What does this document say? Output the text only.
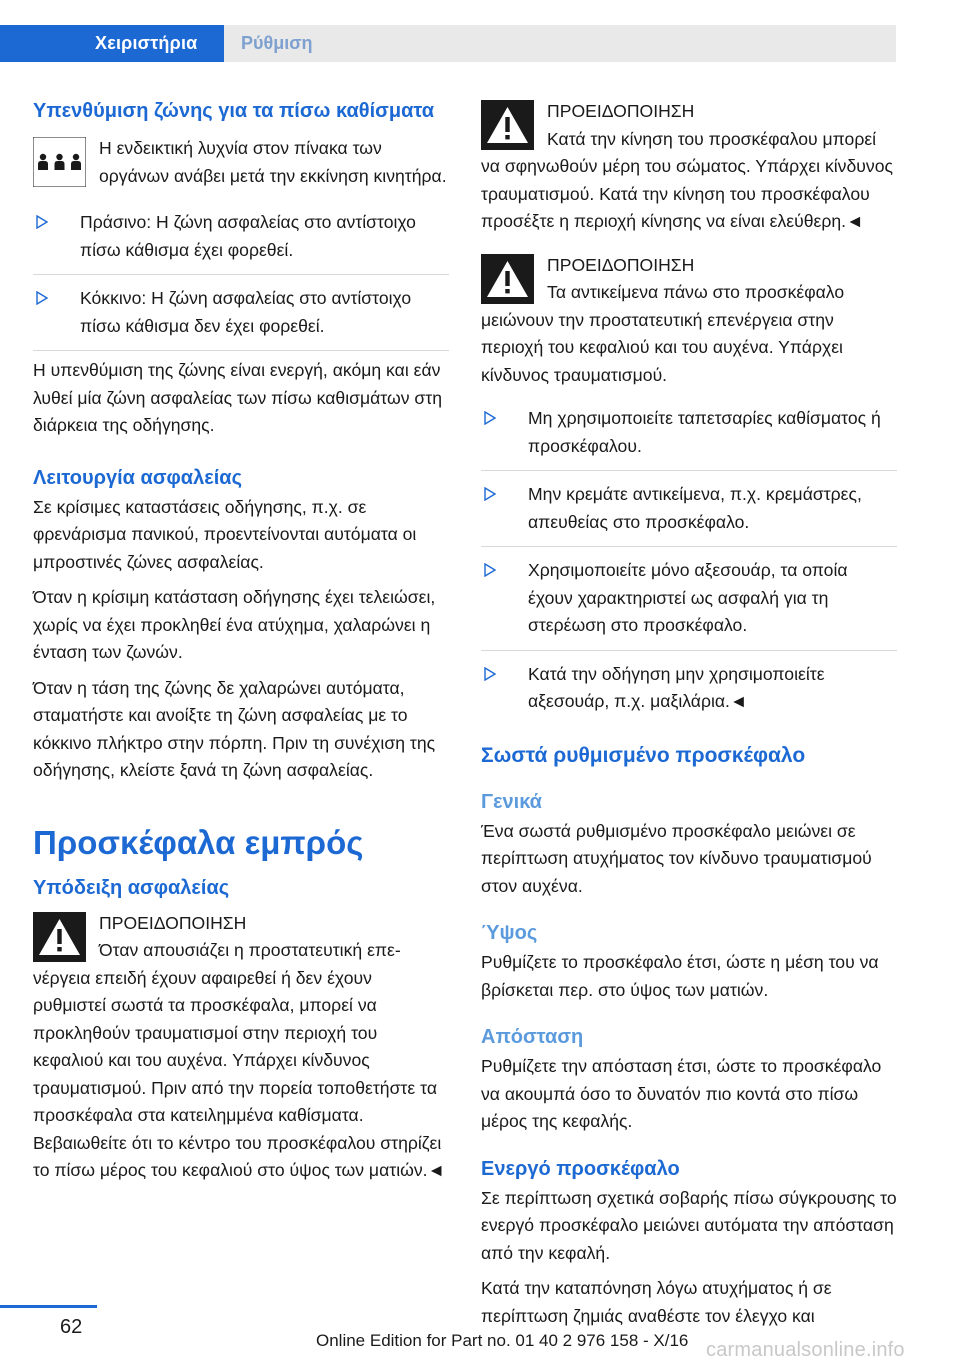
Χειριστήρια	Ρύθμιση
Υπενθύμιση ζώνης για τα πίσω καθίσματα
Η ενδεικτική λυχνία στον πίνακα των οργάνων ανάβει μετά την εκκίνηση κινητήρα.
Πράσινο: Η ζώνη ασφαλείας στο αντίστοιχο πίσω κάθισμα έχει φορεθεί.
Κόκκινο: Η ζώνη ασφαλείας στο αντίστοιχο πίσω κάθισμα δεν έχει φορεθεί.

Η υπενθύμιση της ζώνης είναι ενεργή, ακόμη και εάν λυθεί μία ζώνη ασφαλείας των πίσω καθισμάτων στη διάρκεια της οδήγησης.

Λειτουργία ασφαλείας

Σε κρίσιμες καταστάσεις οδήγησης, π.χ. σε φρενάρισμα πανικού, προεντείνονται αυτόματα οι μπροστινές ζώνες ασφαλείας.

Όταν η κρίσιμη κατάσταση οδήγησης έχει τελειώσει, χωρίς να έχει προκληθεί ένα ατύχημα, χαλαρώνει η ένταση των ζωνών.

Όταν η τάση της ζώνης δε χαλαρώνει αυτόματα, σταματήστε και ανοίξτε τη ζώνη ασφαλείας με το κόκκινο πλήκτρο στην πόρπη. Πριν τη συνέχιση της οδήγησης, κλείστε ξανά τη ζώνη ασφαλείας.

Προσκέφαλα εμπρός
Υπόδειξη ασφαλείας

ΠΡΟΕΙΔΟΠΟΙΗΣΗ

Όταν απουσιάζει η προστατευτική επενέργεια επειδή έχουν αφαιρεθεί ή δεν έχουν ρυθμιστεί σωστά τα προσκέφαλα, μπορεί να προκληθούν τραυματισμοί στην περιοχή του κεφαλιού και του αυχένα. Υπάρχει κίνδυνος τραυματισμού. Πριν από την πορεία τοποθετήστε τα προσκέφαλα στα κατειλημμένα καθίσματα. Βεβαιωθείτε ότι το κέντρο του προσκέφαλου στηρίζει το πίσω μέρος του κεφαλιού στο ύψος των ματιών.◄

ΠΡΟΕΙΔΟΠΟΙΗΣΗ

Κατά την κίνηση του προσκέφαλου μπορεί να σφηνωθούν μέρη του σώματος. Υπάρχει κίνδυνος τραυματισμού. Κατά την κίνηση του προσκέφαλου προσέξτε η περιοχή κίνησης να είναι ελεύθερη.◄

ΠΡΟΕΙΔΟΠΟΙΗΣΗ

Τα αντικείμενα πάνω στο προσκέφαλο μειώνουν την προστατευτική επενέργεια στην περιοχή του κεφαλιού και του αυχένα. Υπάρχει κίνδυνος τραυματισμού.

Μη χρησιμοποιείτε ταπετσαρίες καθίσματος ή προσκέφαλου.
Μην κρεμάτε αντικείμενα, π.χ. κρεμάστρες, απευθείας στο προσκέφαλο.
Χρησιμοποιείτε μόνο αξεσουάρ, τα οποία έχουν χαρακτηριστεί ως ασφαλή για τη στερέωση στο προσκέφαλο.
Κατά την οδήγηση μην χρησιμοποιείτε αξεσουάρ, π.χ. μαξιλάρια.◄
Σωστά ρυθμισμένο προσκέφαλο
Γενικά

Ένα σωστά ρυθμισμένο προσκέφαλο μειώνει σε περίπτωση ατυχήματος τον κίνδυνο τραυματισμού στον αυχένα.

Ύψος

Ρυθμίζετε το προσκέφαλο έτσι, ώστε η μέση του να βρίσκεται περ. στο ύψος των ματιών.

Απόσταση

Ρυθμίζετε την απόσταση έτσι, ώστε το προσκέφαλο να ακουμπά όσο το δυνατόν πιο κοντά στο πίσω μέρος της κεφαλής.

Ενεργό προσκέφαλο

Σε περίπτωση σχετικά σοβαρής πίσω σύγκρουσης το ενεργό προσκέφαλο μειώνει αυτόματα την απόσταση από την κεφαλή.

Κατά την καταπόνηση λόγω ατυχήματος ή σε περίπτωση ζημιάς αναθέστε τον έλεγχο και

62
Online Edition for Part no. 01 40 2 976 158 - X/16 carmanualsonline.info
